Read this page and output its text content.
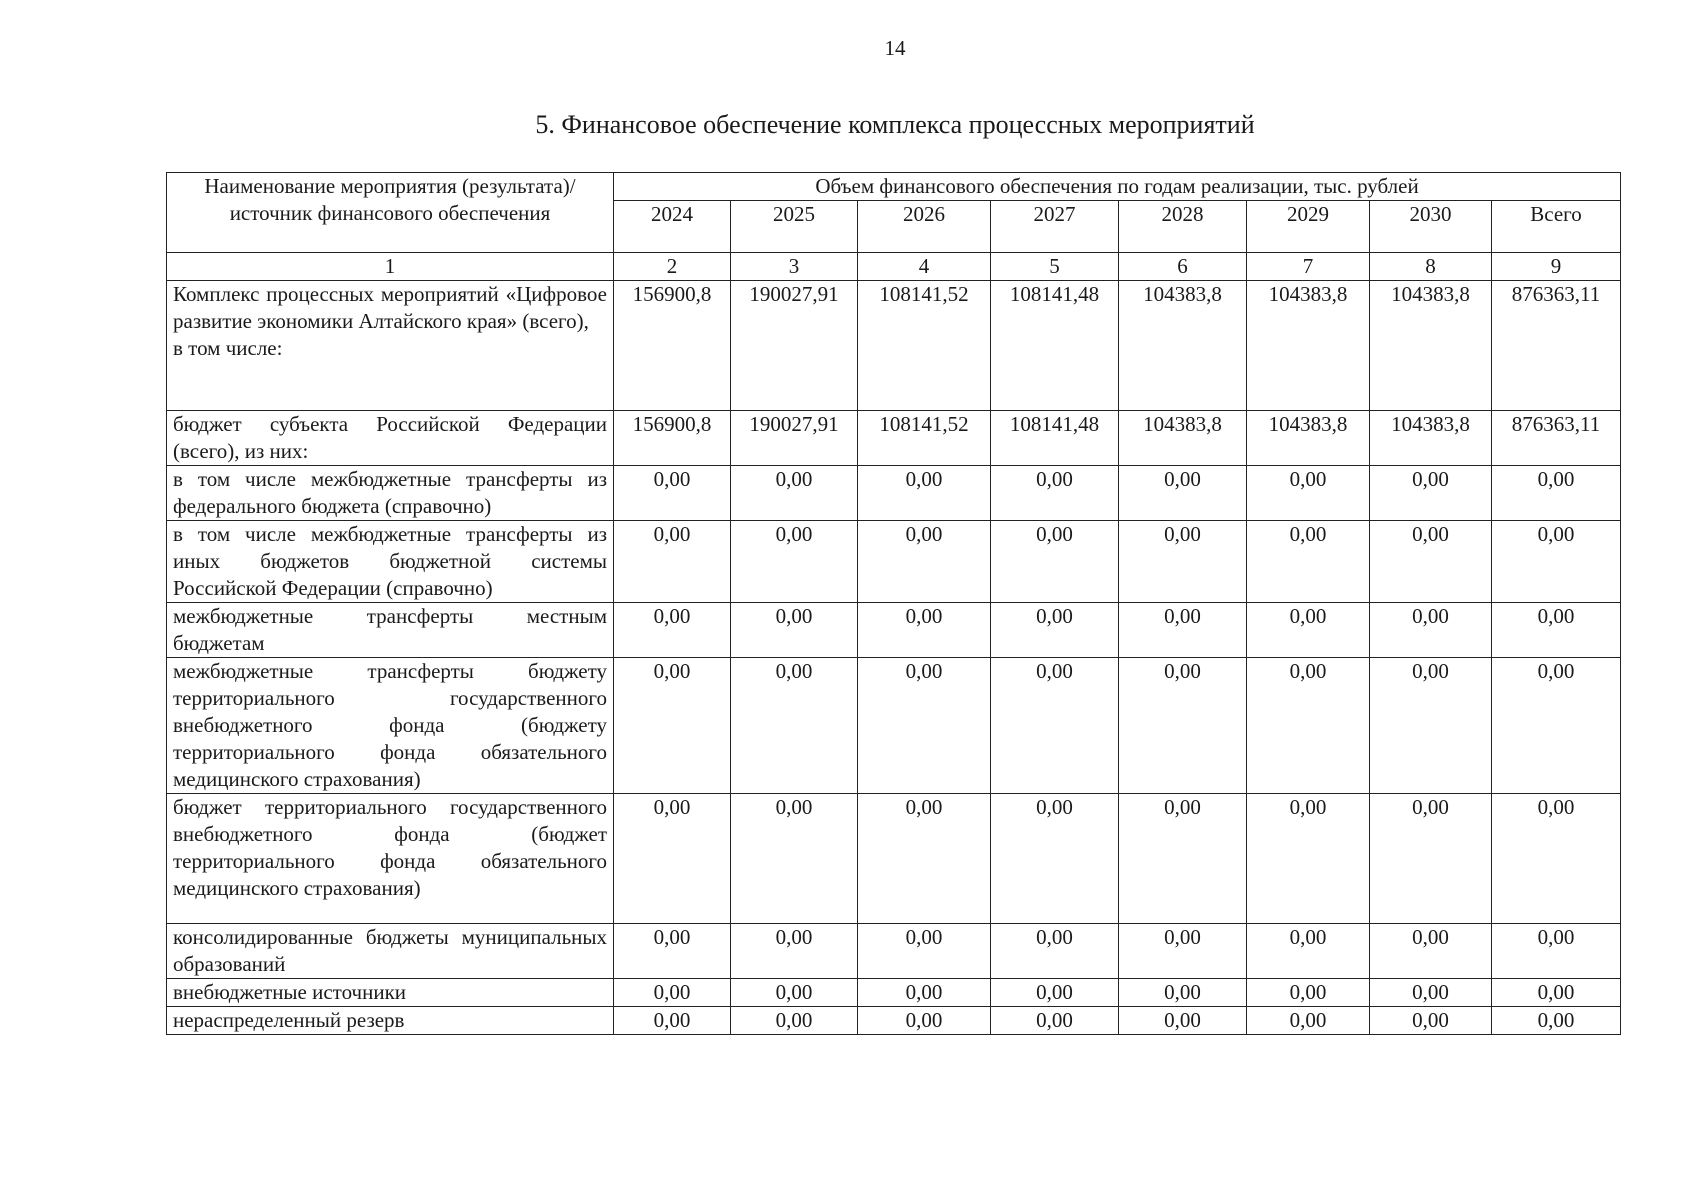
14
5. Финансовое обеспечение комплекса процессных мероприятий
Наименование мероприятия (результата)/источник финансового обеспечения	Объем финансового обеспечения по годам реализации, тыс. рублей							
	2024	2025	2026	2027	2028	2029	2030	Всего
1	2	3	4	5	6	7	8	9
Комплекс процессных мероприятий «Цифровое развитие экономики Алтайского края» (всего),
в том числе:	156900,8	190027,91	108141,52	108141,48	104383,8	104383,8	104383,8	876363,11
бюджет субъекта Российской Федерации (всего), из них:	156900,8	190027,91	108141,52	108141,48	104383,8	104383,8	104383,8	876363,11
в том числе межбюджетные трансферты из федерального бюджета (справочно)	0,00	0,00	0,00	0,00	0,00	0,00	0,00	0,00
в том числе межбюджетные трансферты из иных бюджетов бюджетной системы Российской Федерации (справочно)	0,00	0,00	0,00	0,00	0,00	0,00	0,00	0,00
межбюджетные трансферты местным бюджетам	0,00	0,00	0,00	0,00	0,00	0,00	0,00	0,00
межбюджетные трансферты бюджету территориального государственного внебюджетного фонда (бюджету территориального фонда обязательного медицинского страхования)	0,00	0,00	0,00	0,00	0,00	0,00	0,00	0,00
бюджет территориального государственного внебюджетного фонда (бюджет территориального фонда обязательного медицинского страхования)	0,00	0,00	0,00	0,00	0,00	0,00	0,00	0,00
консолидированные бюджеты муниципальных образований	0,00	0,00	0,00	0,00	0,00	0,00	0,00	0,00
внебюджетные источники	0,00	0,00	0,00	0,00	0,00	0,00	0,00	0,00
нераспределенный резерв	0,00	0,00	0,00	0,00	0,00	0,00	0,00	0,00
